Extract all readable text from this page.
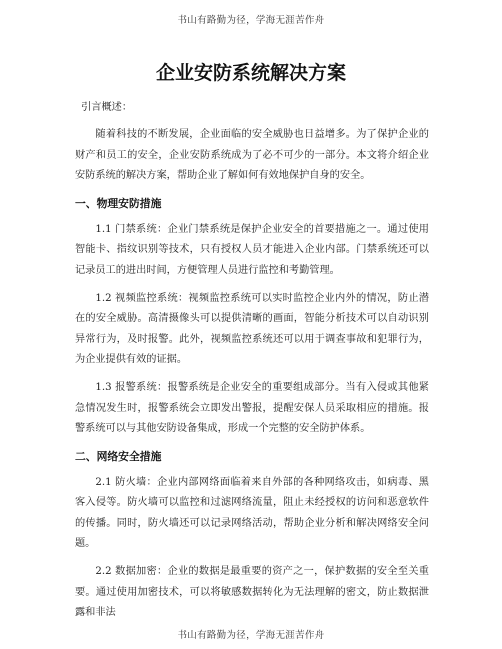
书山有路勤为径，学海无涯苦作舟
企业安防系统解决方案

引言概述：

随着科技的不断发展，企业面临的安全威胁也日益增多。为了保护企业的财产和员工的安全，企业安防系统成为了必不可少的一部分。本文将介绍企业安防系统的解决方案，帮助企业了解如何有效地保护自身的安全。

一、物理安防措施

1.1 门禁系统：企业门禁系统是保护企业安全的首要措施之一。通过使用智能卡、指纹识别等技术，只有授权人员才能进入企业内部。门禁系统还可以记录员工的进出时间，方便管理人员进行监控和考勤管理。

1.2 视频监控系统：视频监控系统可以实时监控企业内外的情况，防止潜在的安全威胁。高清摄像头可以提供清晰的画面，智能分析技术可以自动识别异常行为，及时报警。此外，视频监控系统还可以用于调查事故和犯罪行为，为企业提供有效的证据。

1.3 报警系统：报警系统是企业安全的重要组成部分。当有入侵或其他紧急情况发生时，报警系统会立即发出警报，提醒安保人员采取相应的措施。报警系统可以与其他安防设备集成，形成一个完整的安全防护体系。

二、网络安全措施

2.1 防火墙：企业内部网络面临着来自外部的各种网络攻击，如病毒、黑客入侵等。防火墙可以监控和过滤网络流量，阻止未经授权的访问和恶意软件的传播。同时，防火墙还可以记录网络活动，帮助企业分析和解决网络安全问题。

2.2 数据加密：企业的数据是最重要的资产之一，保护数据的安全至关重要。通过使用加密技术，可以将敏感数据转化为无法理解的密文，防止数据泄露和非法

书山有路勤为径，学海无涯苦作舟
